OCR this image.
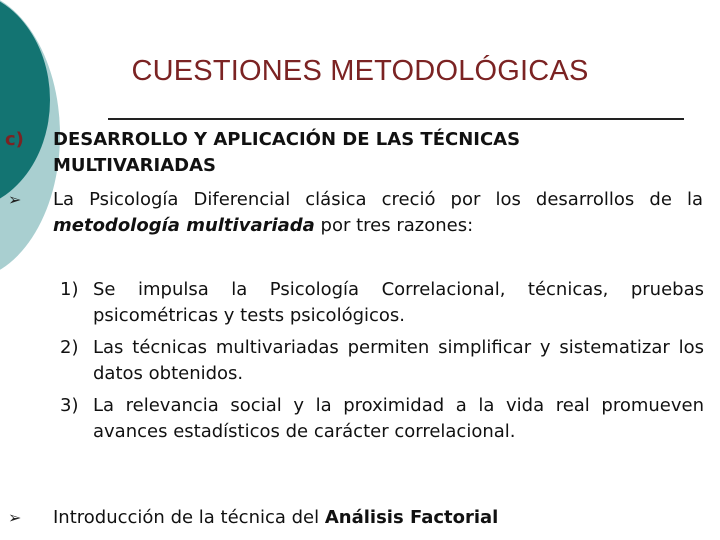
CUESTIONES METODOLÓGICAS
c) DESARROLLO Y APLICACIÓN DE LAS TÉCNICAS
MULTIVARIADAS
➢ La Psicología Diferencial clásica creció por los desarrollos de la metodología multivariada por tres razones:
1) Se impulsa la Psicología Correlacional, técnicas, pruebas psicométricas y tests psicológicos.
2) Las técnicas multivariadas permiten simplificar y sistematizar los datos obtenidos.
3) La relevancia social y la proximidad a la vida real promueven avances estadísticos de carácter correlacional.
➢ Introducción de la técnica del Análisis Factorial
